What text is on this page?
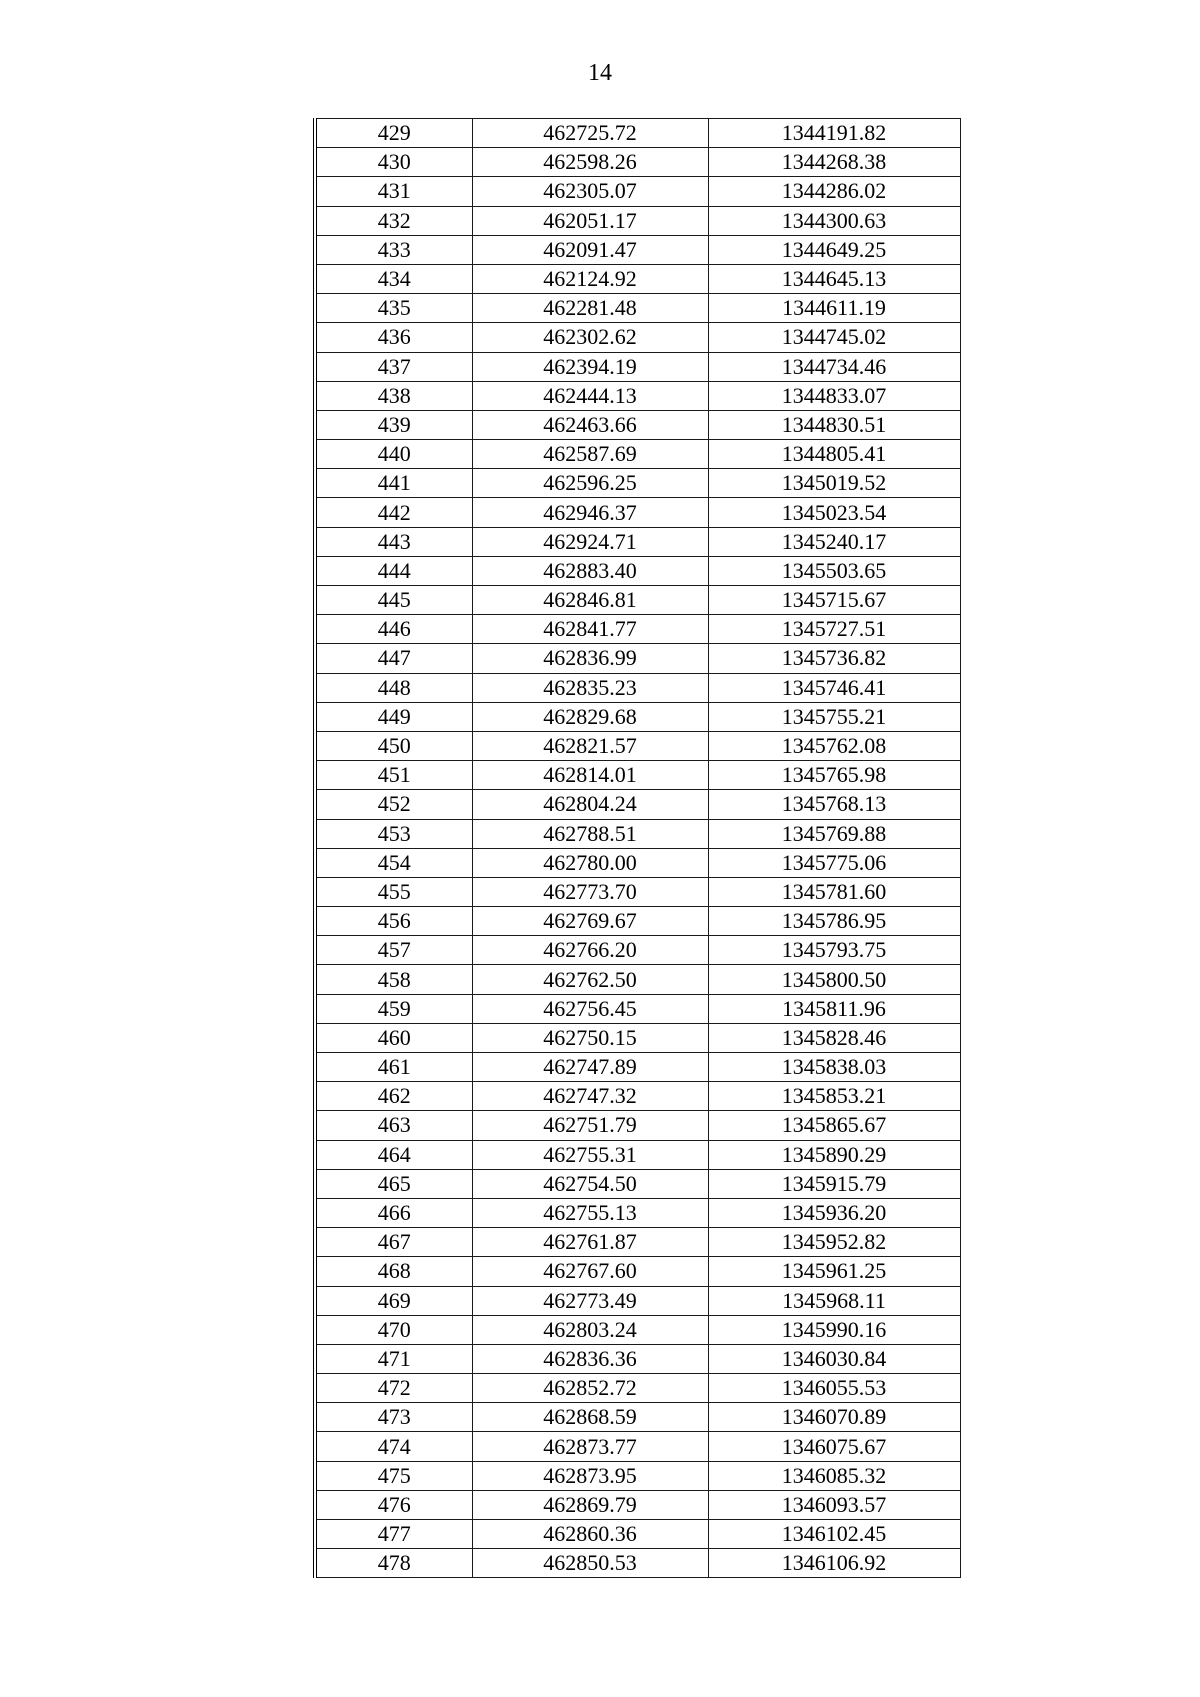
14
429	462725.72	1344191.82
430	462598.26	1344268.38
431	462305.07	1344286.02
432	462051.17	1344300.63
433	462091.47	1344649.25
434	462124.92	1344645.13
435	462281.48	1344611.19
436	462302.62	1344745.02
437	462394.19	1344734.46
438	462444.13	1344833.07
439	462463.66	1344830.51
440	462587.69	1344805.41
441	462596.25	1345019.52
442	462946.37	1345023.54
443	462924.71	1345240.17
444	462883.40	1345503.65
445	462846.81	1345715.67
446	462841.77	1345727.51
447	462836.99	1345736.82
448	462835.23	1345746.41
449	462829.68	1345755.21
450	462821.57	1345762.08
451	462814.01	1345765.98
452	462804.24	1345768.13
453	462788.51	1345769.88
454	462780.00	1345775.06
455	462773.70	1345781.60
456	462769.67	1345786.95
457	462766.20	1345793.75
458	462762.50	1345800.50
459	462756.45	1345811.96
460	462750.15	1345828.46
461	462747.89	1345838.03
462	462747.32	1345853.21
463	462751.79	1345865.67
464	462755.31	1345890.29
465	462754.50	1345915.79
466	462755.13	1345936.20
467	462761.87	1345952.82
468	462767.60	1345961.25
469	462773.49	1345968.11
470	462803.24	1345990.16
471	462836.36	1346030.84
472	462852.72	1346055.53
473	462868.59	1346070.89
474	462873.77	1346075.67
475	462873.95	1346085.32
476	462869.79	1346093.57
477	462860.36	1346102.45
478	462850.53	1346106.92
